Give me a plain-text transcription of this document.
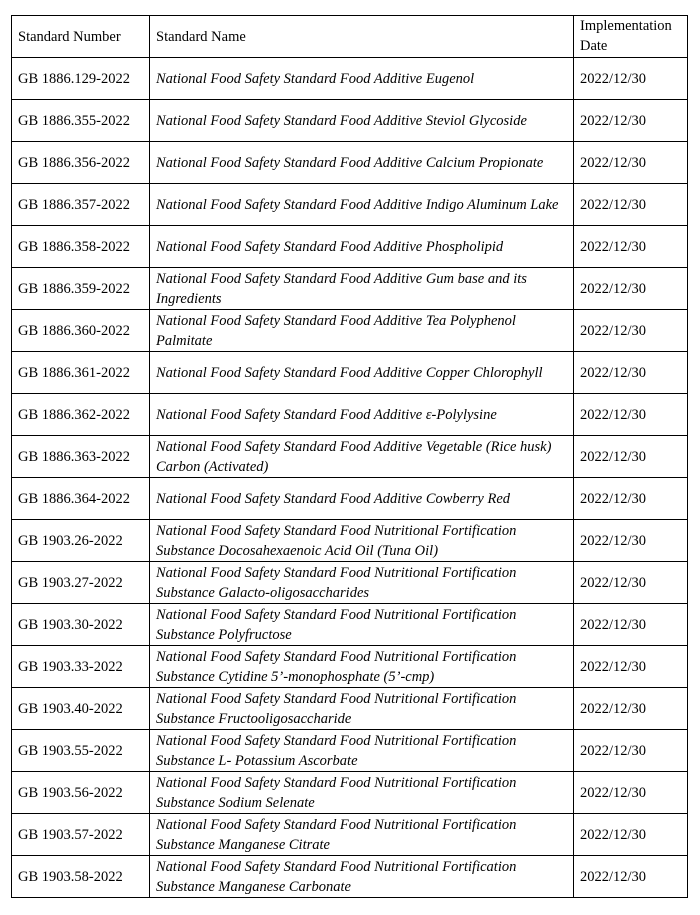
Standard Number	Standard Name	Implementation Date
GB 1886.129-2022	National Food Safety Standard Food Additive Eugenol	2022/12/30
GB 1886.355-2022	National Food Safety Standard Food Additive Steviol Glycoside	2022/12/30
GB 1886.356-2022	National Food Safety Standard Food Additive Calcium Propionate	2022/12/30
GB 1886.357-2022	National Food Safety Standard Food Additive Indigo Aluminum Lake	2022/12/30
GB 1886.358-2022	National Food Safety Standard Food Additive Phospholipid	2022/12/30
GB 1886.359-2022	National Food Safety Standard Food Additive Gum base and its Ingredients	2022/12/30
GB 1886.360-2022	National Food Safety Standard Food Additive Tea Polyphenol Palmitate	2022/12/30
GB 1886.361-2022	National Food Safety Standard Food Additive Copper Chlorophyll	2022/12/30
GB 1886.362-2022	National Food Safety Standard Food Additive ε-Polylysine	2022/12/30
GB 1886.363-2022	National Food Safety Standard Food Additive Vegetable (Rice husk) Carbon (Activated)	2022/12/30
GB 1886.364-2022	National Food Safety Standard Food Additive Cowberry Red	2022/12/30
GB 1903.26-2022	National Food Safety Standard Food Nutritional Fortification Substance Docosahexaenoic Acid Oil (Tuna Oil)	2022/12/30
GB 1903.27-2022	National Food Safety Standard Food Nutritional Fortification Substance Galacto-oligosaccharides	2022/12/30
GB 1903.30-2022	National Food Safety Standard Food Nutritional Fortification Substance Polyfructose	2022/12/30
GB 1903.33-2022	National Food Safety Standard Food Nutritional Fortification Substance Cytidine 5’-monophosphate (5’-cmp)	2022/12/30
GB 1903.40-2022	National Food Safety Standard Food Nutritional Fortification Substance Fructooligosaccharide	2022/12/30
GB 1903.55-2022	National Food Safety Standard Food Nutritional Fortification Substance L- Potassium Ascorbate	2022/12/30
GB 1903.56-2022	National Food Safety Standard Food Nutritional Fortification Substance Sodium Selenate	2022/12/30
GB 1903.57-2022	National Food Safety Standard Food Nutritional Fortification Substance Manganese Citrate	2022/12/30
GB 1903.58-2022	National Food Safety Standard Food Nutritional Fortification Substance Manganese Carbonate	2022/12/30
